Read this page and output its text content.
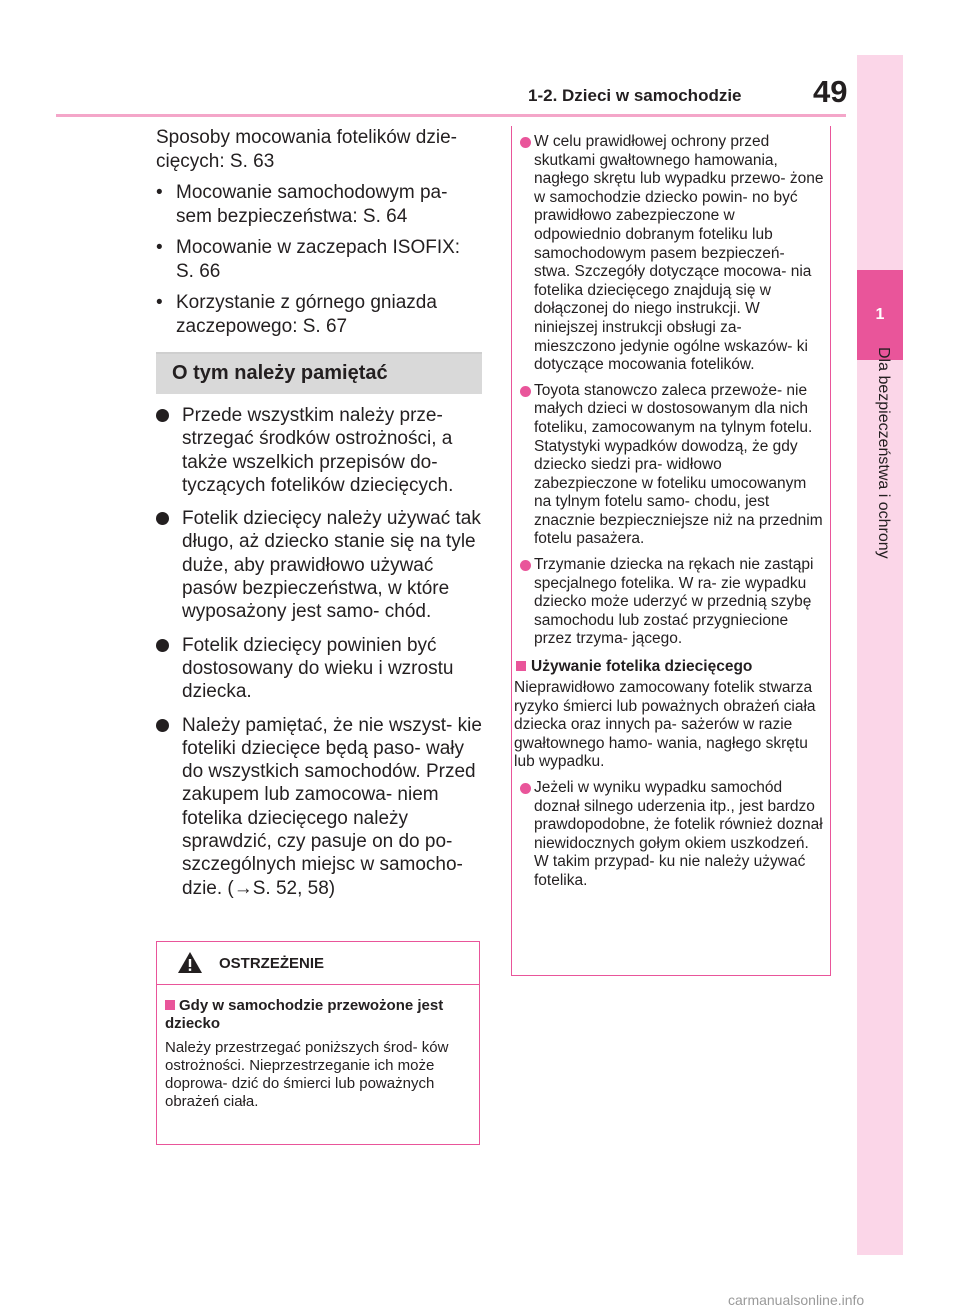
1-2. Dzieci w samochodzie 49
1
Dla bezpieczeństwa i ochrony

Sposoby mocowania fotelików dzie- cięcych: S. 63

• Mocowanie samochodowym pa- sem bezpieczeństwa: S. 64
• Mocowanie w zaczepach ISOFIX: S. 66
• Korzystanie z górnego gniazda zaczepowego: S. 67
O tym należy pamiętać
Przede wszystkim należy prze- strzegać środków ostrożności, a także wszelkich przepisów do- tyczących fotelików dziecięcych.
Fotelik dziecięcy należy używać tak długo, aż dziecko stanie się na tyle duże, aby prawidłowo używać pasów bezpieczeństwa, w które wyposażony jest samo- chód.
Fotelik dziecięcy powinien być dostosowany do wieku i wzrostu dziecka.
Należy pamiętać, że nie wszyst- kie foteliki dziecięce będą paso- wały do wszystkich samochodów. Przed zakupem lub zamocowa- niem fotelika dziecięcego należy sprawdzić, czy pasuje on do po- szczególnych miejsc w samocho- dzie. (→S. 52, 58)
OSTRZEŻENIE
Gdy w samochodzie przewożone jest dziecko
Należy przestrzegać poniższych środ- ków ostrożności. Nieprzestrzeganie ich może doprowa- dzić do śmierci lub poważnych obrażeń ciała.
W celu prawidłowej ochrony przed skutkami gwałtownego hamowania, nagłego skrętu lub wypadku przewo- żone w samochodzie dziecko powin- no być prawidłowo zabezpieczone w odpowiednio dobranym foteliku lub samochodowym pasem bezpieczeń- stwa. Szczegóły dotyczące mocowa- nia fotelika dziecięcego znajdują się w dołączonej do niego instrukcji. W niniejszej instrukcji obsługi za- mieszczono jedynie ogólne wskazów- ki dotyczące mocowania fotelików.
Toyota stanowczo zaleca przewoże- nie małych dzieci w dostosowanym dla nich foteliku, zamocowanym na tylnym fotelu. Statystyki wypadków dowodzą, że gdy dziecko siedzi pra- widłowo zabezpieczone w foteliku umocowanym na tylnym fotelu samo- chodu, jest znacznie bezpieczniejsze niż na przednim fotelu pasażera.
Trzymanie dziecka na rękach nie zastąpi specjalnego fotelika. W ra- zie wypadku dziecko może uderzyć w przednią szybę samochodu lub zostać przygniecione przez trzyma- jącego.
Używanie fotelika dziecięcego
Nieprawidłowo zamocowany fotelik stwarza ryzyko śmierci lub poważnych obrażeń ciała dziecka oraz innych pa- sażerów w razie gwałtownego hamo- wania, nagłego skrętu lub wypadku.
Jeżeli w wyniku wypadku samochód doznał silnego uderzenia itp., jest bardzo prawdopodobne, że fotelik również doznał niewidocznych gołym okiem uszkodzeń. W takim przypad- ku nie należy używać fotelika.
carmanualsonline.info
